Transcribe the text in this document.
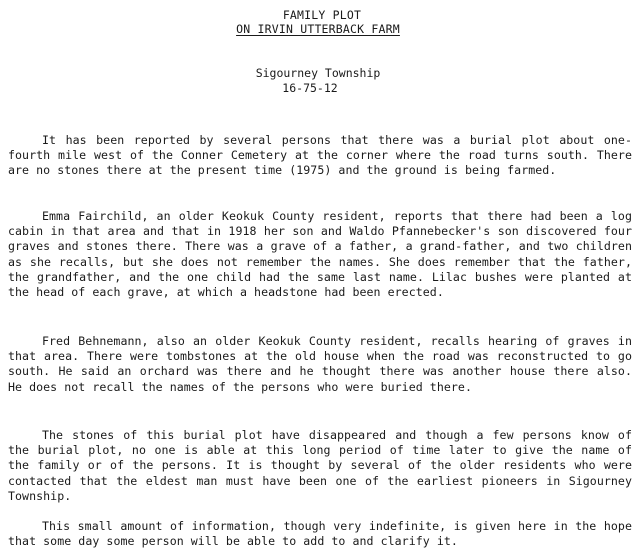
FAMILY PLOT
ON IRVIN UTTERBACK FARM
Sigourney Township
16-75-12

It has been reported by several persons that there was a burial plot about one-fourth mile west of the Conner Cemetery at the corner where the road turns south. There are no stones there at the present time (1975) and the ground is being farmed.

Emma Fairchild, an older Keokuk County resident, reports that there had been a log cabin in that area and that in 1918 her son and Waldo Pfannebecker's son discovered four graves and stones there. There was a grave of a father, a grand-father, and two children as she recalls, but she does not remember the names. She does remember that the father, the grandfather, and the one child had the same last name. Lilac bushes were planted at the head of each grave, at which a headstone had been erected.

Fred Behnemann, also an older Keokuk County resident, recalls hearing of graves in that area. There were tombstones at the old house when the road was reconstructed to go south. He said an orchard was there and he thought there was another house there also. He does not recall the names of the persons who were buried there.

The stones of this burial plot have disappeared and though a few persons know of the burial plot, no one is able at this long period of time later to give the name of the family or of the persons. It is thought by several of the older residents who were contacted that the eldest man must have been one of the earliest pioneers in Sigourney Township.

This small amount of information, though very indefinite, is given here in the hope that some day some person will be able to add to and clarify it.
